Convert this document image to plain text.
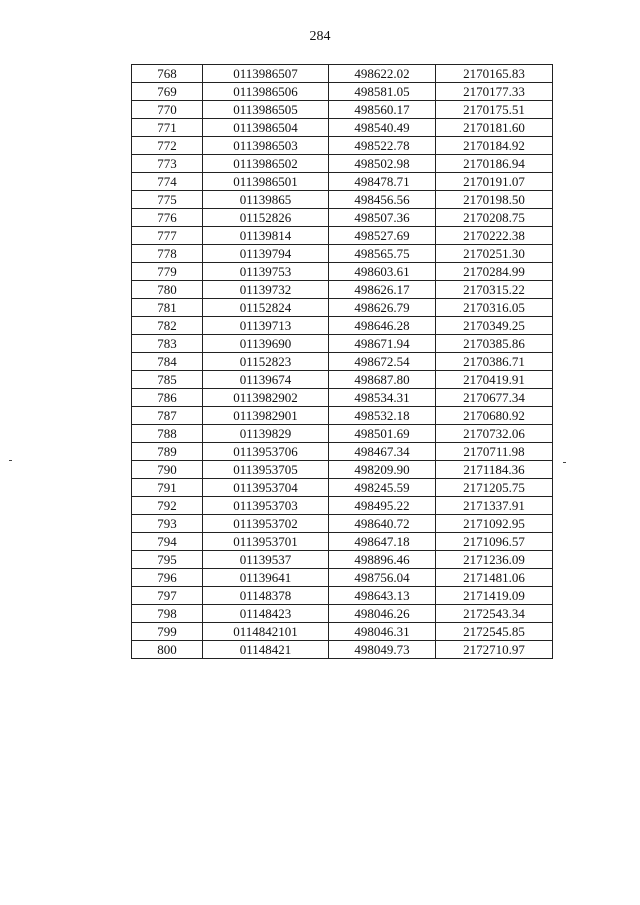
284
768	0113986507	498622.02	2170165.83
769	0113986506	498581.05	2170177.33
770	0113986505	498560.17	2170175.51
771	0113986504	498540.49	2170181.60
772	0113986503	498522.78	2170184.92
773	0113986502	498502.98	2170186.94
774	0113986501	498478.71	2170191.07
775	01139865	498456.56	2170198.50
776	01152826	498507.36	2170208.75
777	01139814	498527.69	2170222.38
778	01139794	498565.75	2170251.30
779	01139753	498603.61	2170284.99
780	01139732	498626.17	2170315.22
781	01152824	498626.79	2170316.05
782	01139713	498646.28	2170349.25
783	01139690	498671.94	2170385.86
784	01152823	498672.54	2170386.71
785	01139674	498687.80	2170419.91
786	0113982902	498534.31	2170677.34
787	0113982901	498532.18	2170680.92
788	01139829	498501.69	2170732.06
789	0113953706	498467.34	2170711.98
790	0113953705	498209.90	2171184.36
791	0113953704	498245.59	2171205.75
792	0113953703	498495.22	2171337.91
793	0113953702	498640.72	2171092.95
794	0113953701	498647.18	2171096.57
795	01139537	498896.46	2171236.09
796	01139641	498756.04	2171481.06
797	01148378	498643.13	2171419.09
798	01148423	498046.26	2172543.34
799	0114842101	498046.31	2172545.85
800	01148421	498049.73	2172710.97
